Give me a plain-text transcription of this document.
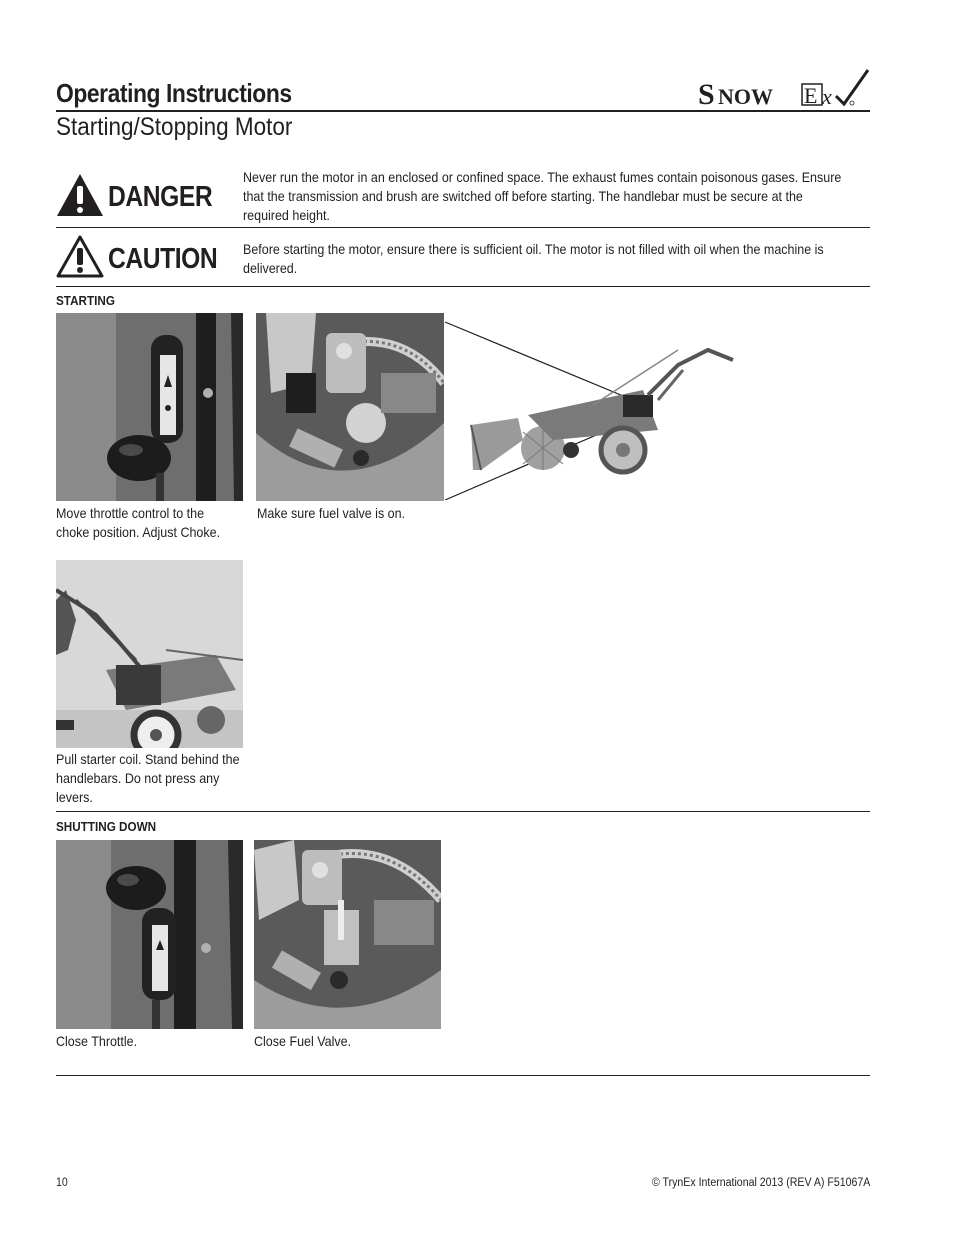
Operating Instructions
Starting/Stopping Motor
S NOW E x
DANGER
Never run the motor in an enclosed or confined space. The exhaust fumes contain poisonous gases. Ensure that the transmission and brush are switched off before starting. The handlebar must be secure at the required height.
CAUTION Before starting the motor, ensure there is sufficient oil. The motor is not filled with oil when the machine is delivered.
STARTING
Move throttle control to the choke position. Adjust Choke.
Make sure fuel valve is on.
Pull starter coil. Stand behind the handlebars. Do not press any levers.
SHUTTING DOWN
Close Throttle.	Close Fuel Valve.
10	© TrynEx International 2013 (REV A) F51067A
